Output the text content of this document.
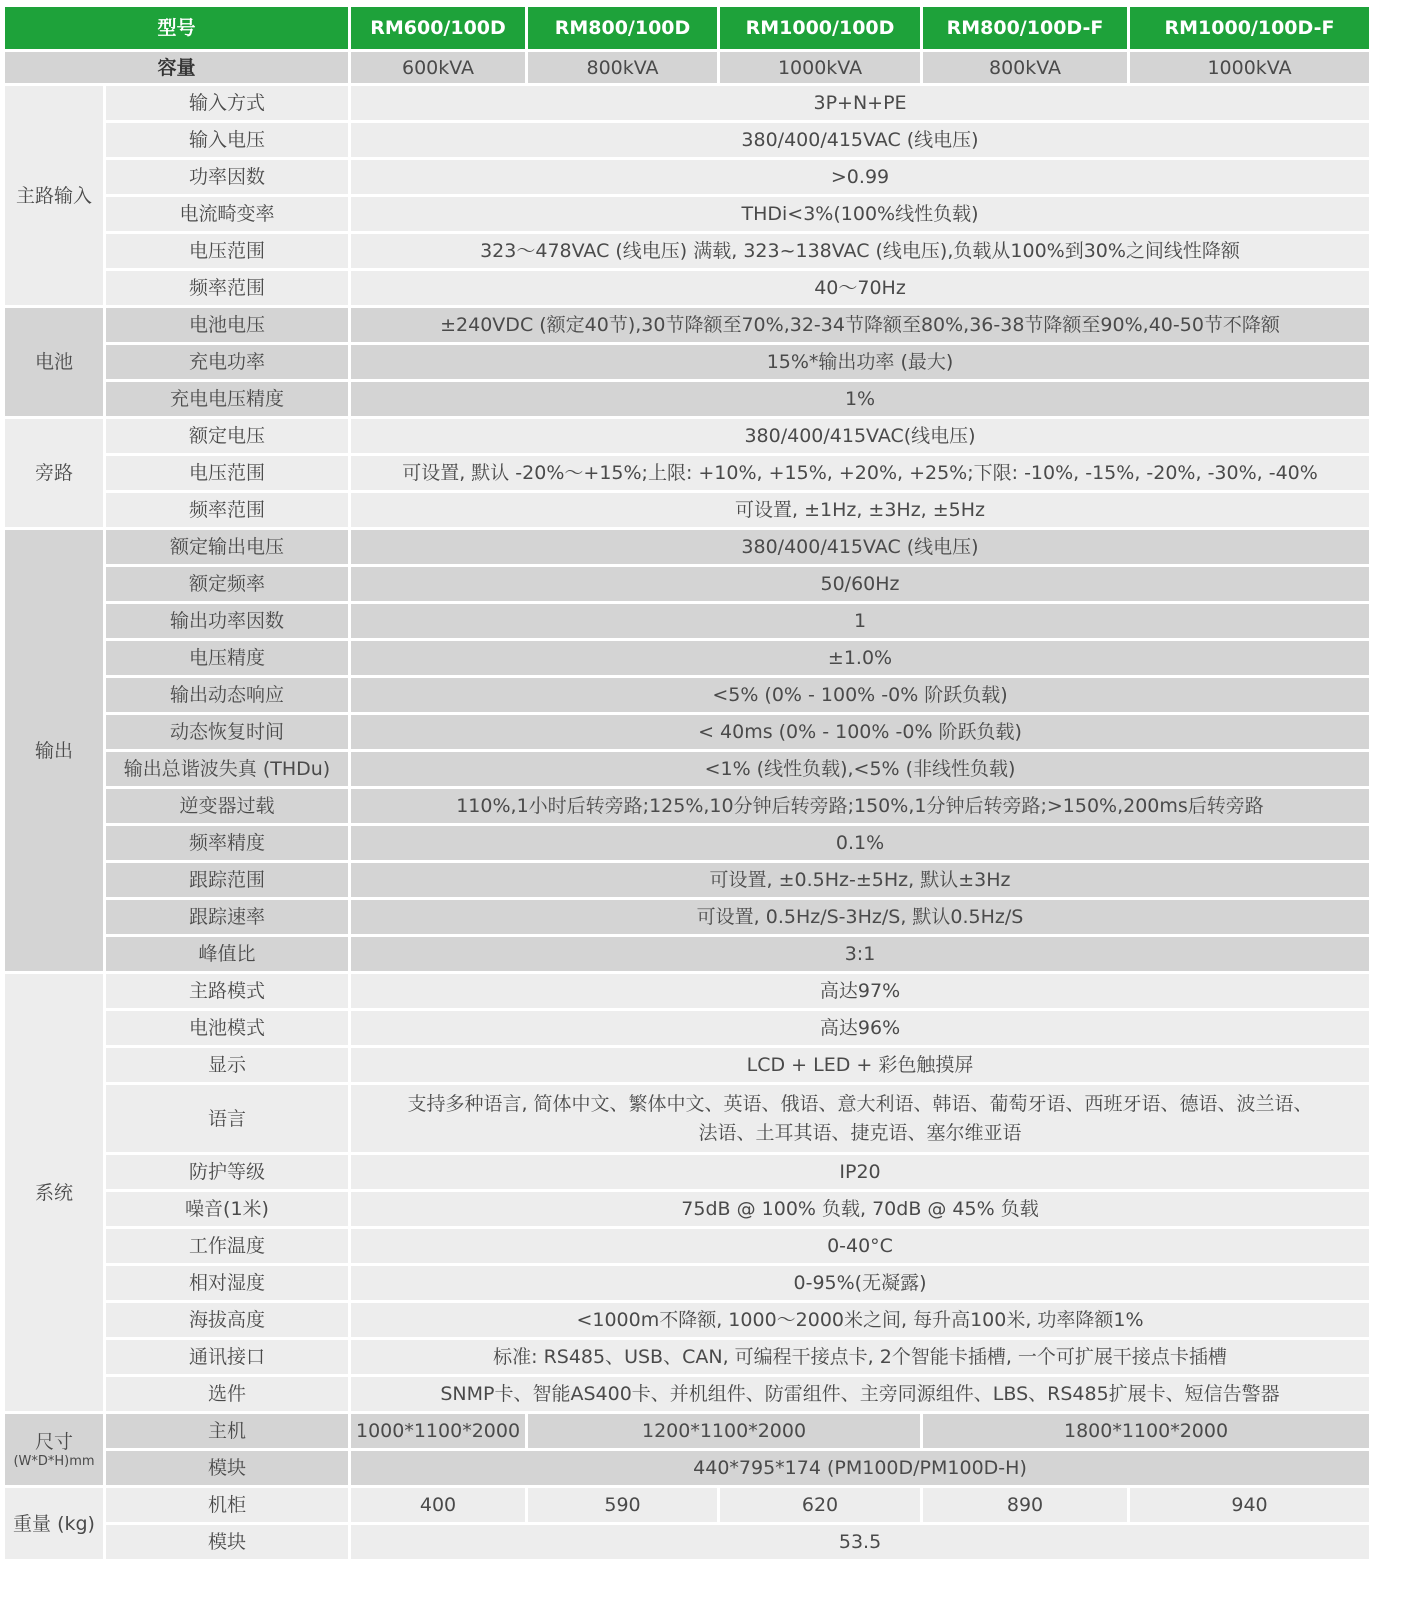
型号		RM600/100D	RM800/100D	RM1000/100D	RM800/100D-F	RM1000/100D-F
容量		600kVA	800kVA	1000kVA	800kVA	1000kVA
主路输入	输入方式	3P+N+PE				
	输入电压	380/400/415VAC (线电压)				
	功率因数	>0.99				
	电流畸变率	THDi<3%(100%线性负载)				
	电压范围	323～478VAC (线电压) 满载, 323~138VAC (线电压),负载从100%到30%之间线性降额				
	频率范围	40～70Hz				
电池	电池电压	±240VDC (额定40节),30节降额至70%,32-34节降额至80%,36-38节降额至90%,40-50节不降额				
	充电功率	15%*输出功率 (最大)				
	充电电压精度	1%				
旁路	额定电压	380/400/415VAC(线电压)				
	电压范围	可设置, 默认 -20%～+15%;上限: +10%, +15%, +20%, +25%;下限: -10%, -15%, -20%, -30%, -40%				
	频率范围	可设置, ±1Hz, ±3Hz, ±5Hz				
输出	额定输出电压	380/400/415VAC (线电压)				
	额定频率	50/60Hz				
	输出功率因数	1				
	电压精度	±1.0%				
	输出动态响应	<5% (0% - 100% -0% 阶跃负载)				
	动态恢复时间	< 40ms (0% - 100% -0% 阶跃负载)				
	输出总谐波失真 (THDu)	<1% (线性负载),<5% (非线性负载)				
	逆变器过载	110%,1小时后转旁路;125%,10分钟后转旁路;150%,1分钟后转旁路;>150%,200ms后转旁路				
	频率精度	0.1%				
	跟踪范围	可设置, ±0.5Hz-±5Hz, 默认±3Hz				
	跟踪速率	可设置, 0.5Hz/S-3Hz/S, 默认0.5Hz/S				
	峰值比	3:1				
系统	主路模式	高达97%				
	电池模式	高达96%				
	显示	LCD + LED + 彩色触摸屏				
	语言	支持多种语言, 简体中文、繁体中文、英语、俄语、意大利语、韩语、葡萄牙语、西班牙语、德语、波兰语、
法语、土耳其语、捷克语、塞尔维亚语				

	防护等级	IP20				
	噪音(1米)	75dB @ 100% 负载, 70dB @ 45% 负载				
	工作温度	0-40°C				
	相对湿度	0-95%(无凝露)				
	海拔高度	<1000m不降额, 1000～2000米之间, 每升高100米, 功率降额1%				
	通讯接口	标准: RS485、USB、CAN, 可编程干接点卡, 2个智能卡插槽, 一个可扩展干接点卡插槽				
	选件	SNMP卡、智能AS400卡、并机组件、防雷组件、主旁同源组件、LBS、RS485扩展卡、短信告警器				

尺寸
(W*D*H)mm	主机	1000*1100*2000	1200*1100*2000		1800*1100*2000	
	模块	440*795*174 (PM100D/PM100D-H)				
重量 (kg)	机柜	400	590	620	890	940
	模块	53.5				
